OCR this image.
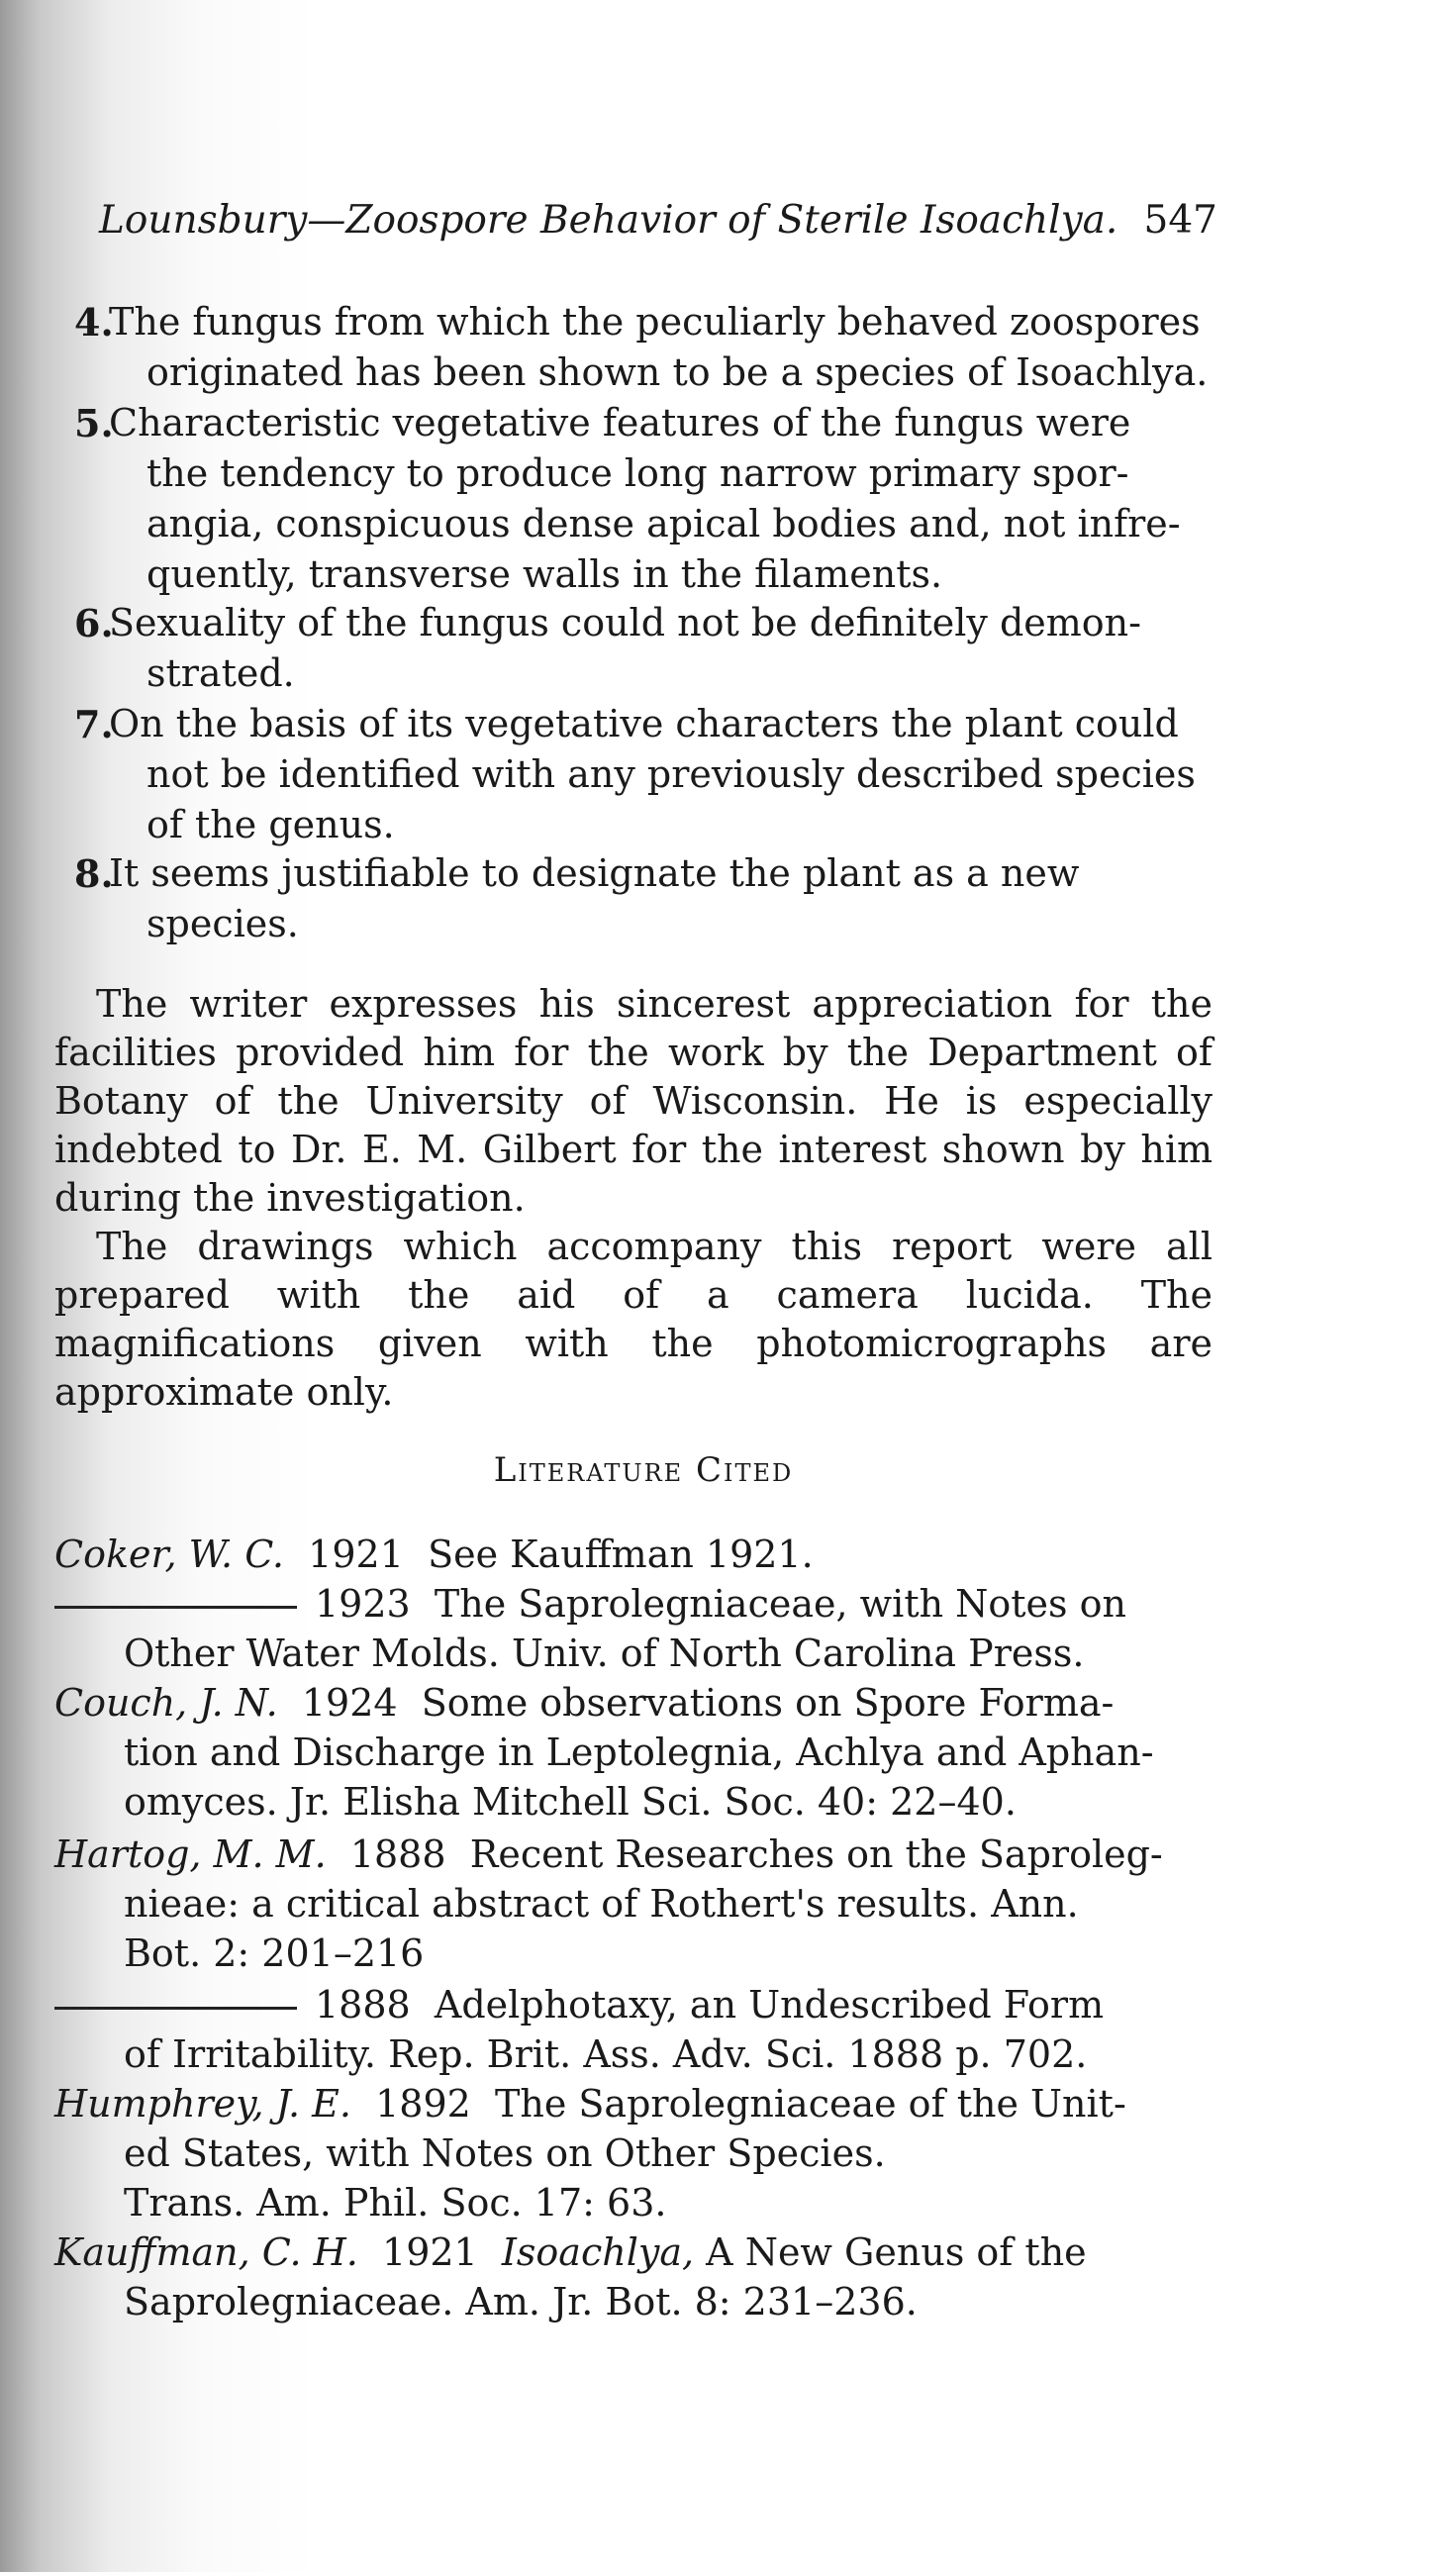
Lounsbury—Zoospore Behavior of Sterile Isoachlya. 547
4.
The fungus from which the peculiarly behaved zoospores
originated has been shown to be a species of Isoachlya.
5.
Characteristic vegetative features of the fungus were
the tendency to produce long narrow primary spor-
angia, conspicuous dense apical bodies and, not infre-
quently, transverse walls in the filaments.
6.
Sexuality of the fungus could not be definitely demon-
strated.
7.
On the basis of its vegetative characters the plant could
not be identified with any previously described species
of the genus.
8.
It seems justifiable to designate the plant as a new
species.
The writer expresses his sincerest appreciation for the facilities provided him for the work by the Department of Botany of the University of Wisconsin. He is especially indebted to Dr. E. M. Gilbert for the interest shown by him during the investigation.
The drawings which accompany this report were all prepared with the aid of a camera lucida. The magnifications given with the photomicrographs are approximate only.
Literature Cited
Coker, W. C. 1921 See Kauffman 1921.
1923 The Saprolegniaceae, with Notes on
Other Water Molds. Univ. of North Carolina Press.
Couch, J. N. 1924 Some observations on Spore Forma-
tion and Discharge in Leptolegnia, Achlya and Aphan-
omyces. Jr. Elisha Mitchell Sci. Soc. 40: 22–40.
Hartog, M. M. 1888 Recent Researches on the Saproleg-
nieae: a critical abstract of Rothert's results. Ann.
Bot. 2: 201–216
1888 Adelphotaxy, an Undescribed Form
of Irritability. Rep. Brit. Ass. Adv. Sci. 1888 p. 702.
Humphrey, J. E. 1892 The Saprolegniaceae of the Unit-
ed States, with Notes on Other Species.
Trans. Am. Phil. Soc. 17: 63.
Kauffman, C. H. 1921 Isoachlya, A New Genus of the
Saprolegniaceae. Am. Jr. Bot. 8: 231–236.
